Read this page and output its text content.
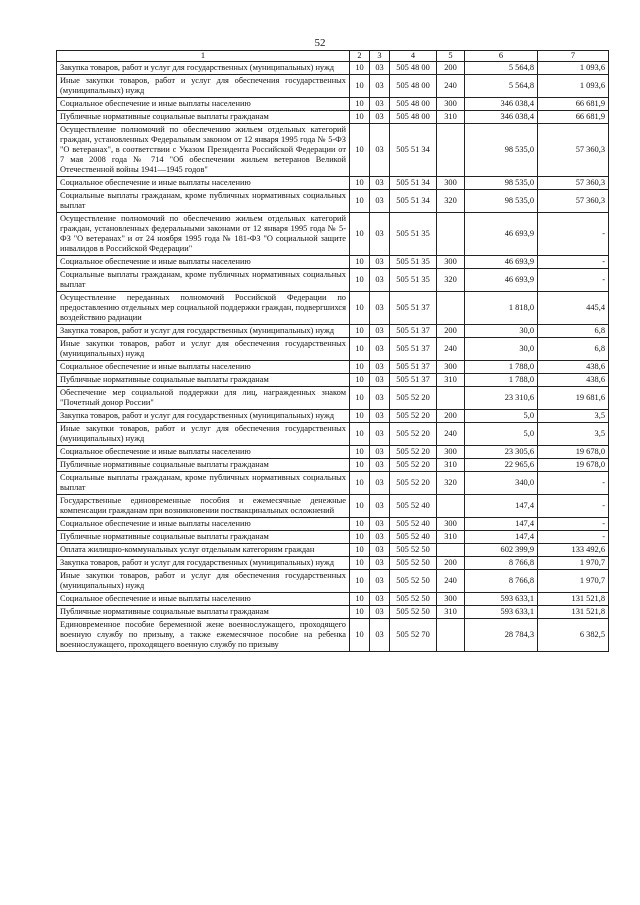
52
1	2	3	4	5	6	7
Закупка товаров, работ и услуг для государственных (муниципальных) нужд	10	03	505 48 00	200	5 564,8	1 093,6
Иные закупки товаров, работ и услуг для обеспечения государственных (муниципальных) нужд	10	03	505 48 00	240	5 564,8	1 093,6
Социальное обеспечение и иные выплаты населению	10	03	505 48 00	300	346 038,4	66 681,9
Публичные нормативные социальные выплаты гражданам	10	03	505 48 00	310	346 038,4	66 681,9
Осуществление полномочий по обеспечению жильем отдельных категорий граждан, установленных Федеральным законом от 12 января 1995 года № 5-ФЗ "О ветеранах", в соответствии с Указом Президента Российской Федерации от 7 мая 2008 года № 714 "Об обеспечении жильем ветеранов Великой Отечественной войны 1941—1945 годов"	10	03	505 51 34		98 535,0	57 360,3
Социальное обеспечение и иные выплаты населению	10	03	505 51 34	300	98 535,0	57 360,3
Социальные выплаты гражданам, кроме публичных нормативных социальных выплат	10	03	505 51 34	320	98 535,0	57 360,3
Осуществление полномочий по обеспечению жильем отдельных категорий граждан, установленных федеральными законами от 12 января 1995 года № 5-ФЗ "О ветеранах" и от 24 ноября 1995 года № 181-ФЗ "О социальной защите инвалидов в Российской Федерации"	10	03	505 51 35		46 693,9	-
Социальное обеспечение и иные выплаты населению	10	03	505 51 35	300	46 693,9	-
Социальные выплаты гражданам, кроме публичных нормативных социальных выплат	10	03	505 51 35	320	46 693,9	-
Осуществление переданных полномочий Российской Федерации по предоставлению отдельных мер социальной поддержки граждан, подвергшихся воздействию радиации	10	03	505 51 37		1 818,0	445,4
Закупка товаров, работ и услуг для государственных (муниципальных) нужд	10	03	505 51 37	200	30,0	6,8
Иные закупки товаров, работ и услуг для обеспечения государственных (муниципальных) нужд	10	03	505 51 37	240	30,0	6,8
Социальное обеспечение и иные выплаты населению	10	03	505 51 37	300	1 788,0	438,6
Публичные нормативные социальные выплаты гражданам	10	03	505 51 37	310	1 788,0	438,6
Обеспечение мер социальной поддержки для лиц, награжденных знаком "Почетный донор России"	10	03	505 52 20		23 310,6	19 681,6
Закупка товаров, работ и услуг для государственных (муниципальных) нужд	10	03	505 52 20	200	5,0	3,5
Иные закупки товаров, работ и услуг для обеспечения государственных (муниципальных) нужд	10	03	505 52 20	240	5,0	3,5
Социальное обеспечение и иные выплаты населению	10	03	505 52 20	300	23 305,6	19 678,0
Публичные нормативные социальные выплаты гражданам	10	03	505 52 20	310	22 965,6	19 678,0
Социальные выплаты гражданам, кроме публичных нормативных социальных выплат	10	03	505 52 20	320	340,0	-
Государственные единовременные пособия и ежемесячные денежные компенсации гражданам при возникновении поствакцинальных осложнений	10	03	505 52 40		147,4	-
Социальное обеспечение и иные выплаты населению	10	03	505 52 40	300	147,4	-
Публичные нормативные социальные выплаты гражданам	10	03	505 52 40	310	147,4	-
Оплата жилищно-коммунальных услуг отдельным категориям граждан	10	03	505 52 50		602 399,9	133 492,6
Закупка товаров, работ и услуг для государственных (муниципальных) нужд	10	03	505 52 50	200	8 766,8	1 970,7
Иные закупки товаров, работ и услуг для обеспечения государственных (муниципальных) нужд	10	03	505 52 50	240	8 766,8	1 970,7
Социальное обеспечение и иные выплаты населению	10	03	505 52 50	300	593 633,1	131 521,8
Публичные нормативные социальные выплаты гражданам	10	03	505 52 50	310	593 633,1	131 521,8
Единовременное пособие беременной жене военнослужащего, проходящего военную службу по призыву, а также ежемесячное пособие на ребенка военнослужащего, проходящего военную службу по призыву	10	03	505 52 70		28 784,3	6 382,5
